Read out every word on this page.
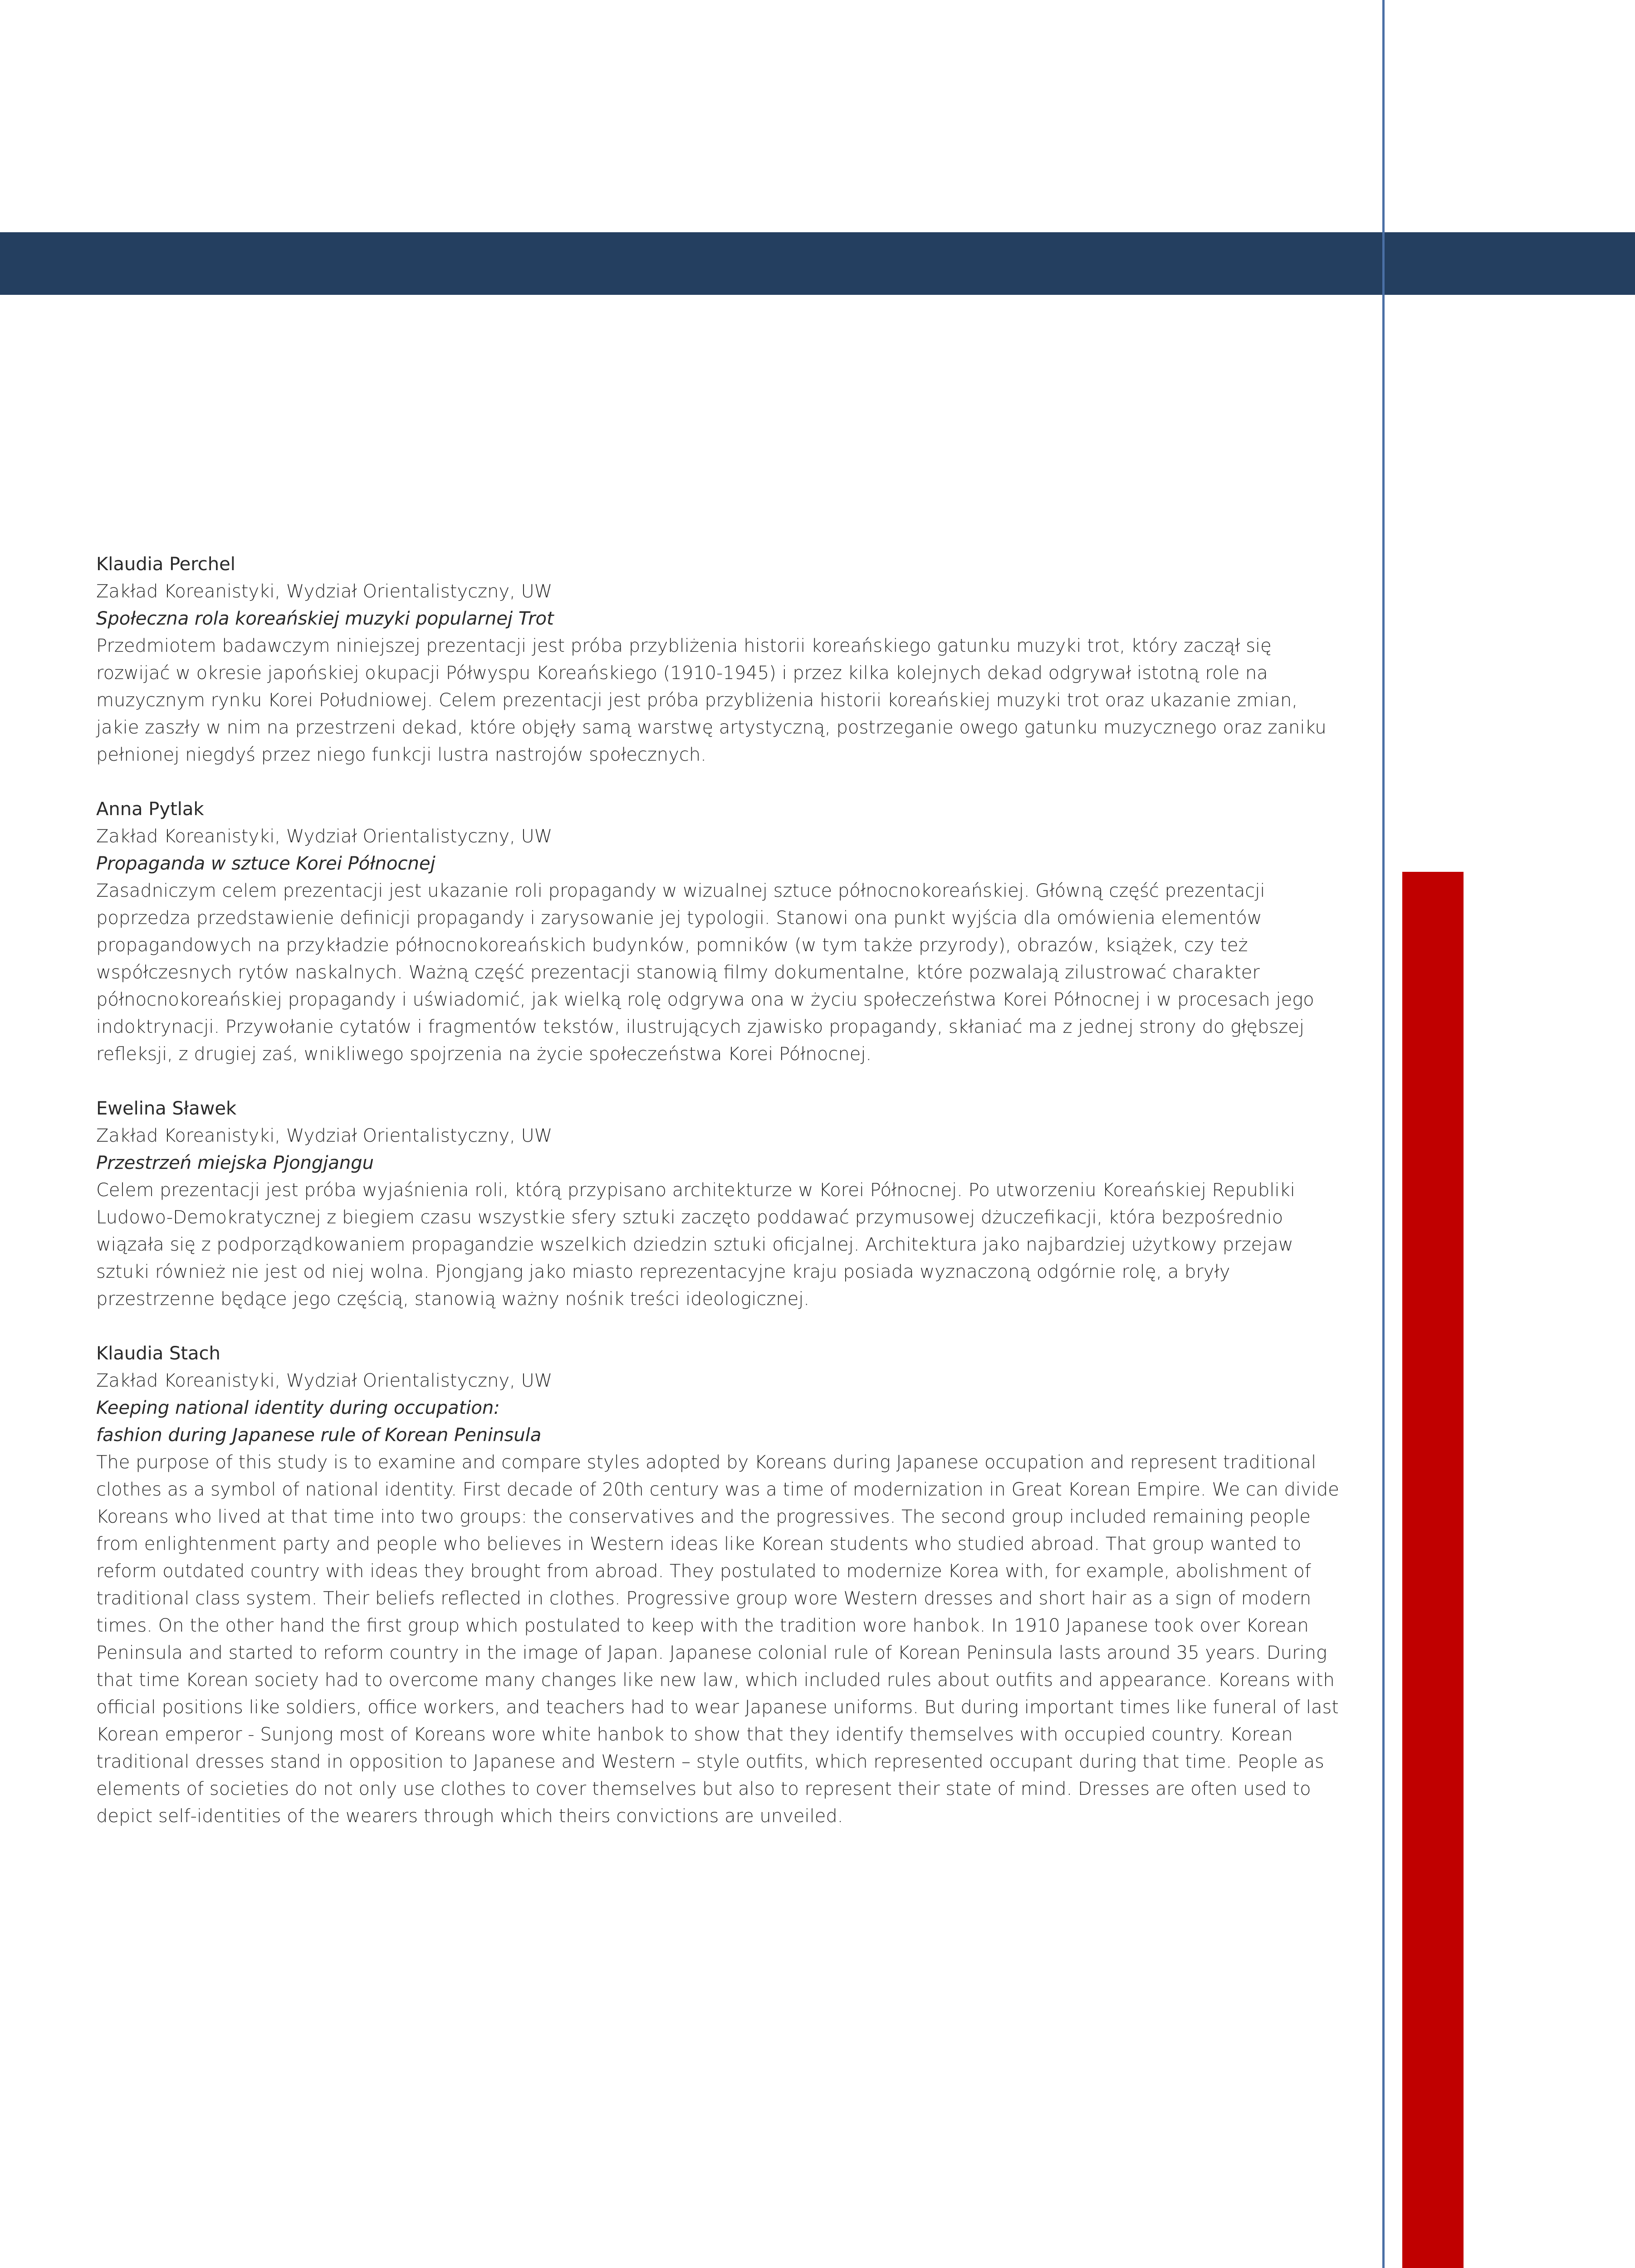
Klaudia Perchel

Zakład Koreanistyki, Wydział Orientalistyczny, UW

Społeczna rola koreańskiej muzyki popularnej Trot

Przedmiotem badawczym niniejszej prezentacji jest próba przybliżenia historii koreańskiego gatunku muzyki trot, który zaczął się rozwijać w okresie japońskiej okupacji Półwyspu Koreańskiego (1910-1945) i przez kilka kolejnych dekad odgrywał istotną role na muzycznym rynku Korei Południowej. Celem prezentacji jest próba przybliżenia historii koreańskiej muzyki trot oraz ukazanie zmian, jakie zaszły w nim na przestrzeni dekad, które objęły samą warstwę artystyczną, postrzeganie owego gatunku muzycznego oraz zaniku pełnionej niegdyś przez niego funkcji lustra nastrojów społecznych.

Anna Pytlak

Zakład Koreanistyki, Wydział Orientalistyczny, UW

Propaganda w sztuce Korei Północnej

Zasadniczym celem prezentacji jest ukazanie roli propagandy w wizualnej sztuce północnokoreańskiej. Główną część prezentacji poprzedza przedstawienie definicji propagandy i zarysowanie jej typologii. Stanowi ona punkt wyjścia dla omówienia elementów propagandowych na przykładzie północnokoreańskich budynków, pomników (w tym także przyrody), obrazów, książek, czy też współczesnych rytów naskalnych. Ważną część prezentacji stanowią filmy dokumentalne, które pozwalają zilustrować charakter północnokoreańskiej propagandy i uświadomić, jak wielką rolę odgrywa ona w życiu społeczeństwa Korei Północnej i w procesach jego indoktrynacji. Przywołanie cytatów i fragmentów tekstów, ilustrujących zjawisko propagandy, skłaniać ma z jednej strony do głębszej refleksji, z drugiej zaś, wnikliwego spojrzenia na życie społeczeństwa Korei Północnej.

Ewelina Sławek

Zakład Koreanistyki, Wydział Orientalistyczny, UW

Przestrzeń miejska Pjongjangu

Celem prezentacji jest próba wyjaśnienia roli, którą przypisano architekturze w Korei Północnej. Po utworzeniu Koreańskiej Republiki Ludowo-Demokratycznej z biegiem czasu wszystkie sfery sztuki zaczęto poddawać przymusowej dżuczefikacji, która bezpośrednio wiązała się z podporządkowaniem propagandzie wszelkich dziedzin sztuki oficjalnej. Architektura jako najbardziej użytkowy przejaw sztuki również nie jest od niej wolna. Pjongjang jako miasto reprezentacyjne kraju posiada wyznaczoną odgórnie rolę, a bryły przestrzenne będące jego częścią, stanowią ważny nośnik treści ideologicznej.

Klaudia Stach

Zakład Koreanistyki, Wydział Orientalistyczny, UW

Keeping national identity during occupation:

fashion during Japanese rule of Korean Peninsula

The purpose of this study is to examine and compare styles adopted by Koreans during Japanese occupation and represent traditional clothes as a symbol of national identity. First decade of 20th century was a time of modernization in Great Korean Empire. We can divide Koreans who lived at that time into two groups: the conservatives and the progressives. The second group included remaining people from enlightenment party and people who believes in Western ideas like Korean students who studied abroad. That group wanted to reform outdated country with ideas they brought from abroad. They postulated to modernize Korea with, for example, abolishment of traditional class system. Their beliefs reflected in clothes. Progressive group wore Western dresses and short hair as a sign of modern times. On the other hand the first group which postulated to keep with the tradition wore hanbok. In 1910 Japanese took over Korean Peninsula and started to reform country in the image of Japan. Japanese colonial rule of Korean Peninsula lasts around 35 years. During that time Korean society had to overcome many changes like new law, which included rules about outfits and appearance. Koreans with official positions like soldiers, office workers, and teachers had to wear Japanese uniforms. But during important times like funeral of last Korean emperor - Sunjong most of Koreans wore white hanbok to show that they identify themselves with occupied country. Korean traditional dresses stand in opposition to Japanese and Western – style outfits, which represented occupant during that time. People as elements of societies do not only use clothes to cover themselves but also to represent their state of mind. Dresses are often used to depict self-identities of the wearers through which theirs convictions are unveiled.
